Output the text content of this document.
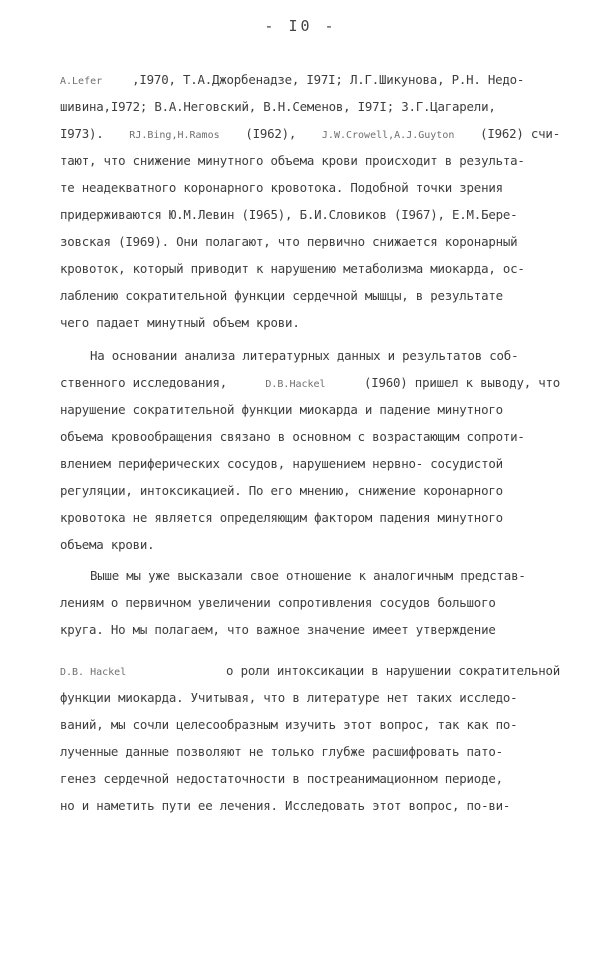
- I0 -
A.Lefer ,I970, Т.А.Джорбенадзе, I97I; Л.Г.Шикунова, Р.Н. Недо-
шивина,I972; В.А.Неговский, В.Н.Семенов, I97I; З.Г.Цагарели,
I973).	RJ.Bing,H.Ramos (I962),	J.W.Crowell,A.J.Guyton (I962) счи-
тают, что снижение минутного объема крови происходит в результа-
те неадекватного коронарного кровотока. Подобной точки зрения
придерживаются Ю.М.Левин (I965), Б.И.Словиков (I967), Е.М.Бере-
зовская (I969). Они полагают, что первично снижается коронарный
кровоток, который приводит к нарушению метаболизма миокарда, ос-
лаблению сократительной функции сердечной мышцы, в результате
чего падает минутный объем крови.
На основании анализа литературных данных и результатов соб-
ственного исследования,	D.B.Hackel	(I960) пришел к выводу, что
нарушение сократительной функции миокарда и падение минутного
объема кровообращения связано в основном с возрастающим сопроти-
влением периферических сосудов, нарушением нервно- сосудистой
регуляции, интоксикацией. По его мнению, снижение коронарного
кровотока не является определяющим фактором падения минутного
объема крови.
Выше мы уже высказали свое отношение к аналогичным представ-
лениям о первичном увеличении сопротивления сосудов большого
круга. Но мы полагаем, что важное значение имеет утверждение
D.B. Hackel	о роли интоксикации в нарушении сократительной
функции миокарда. Учитывая, что в литературе нет таких исследо-
ваний, мы сочли целесообразным изучить этот вопрос, так как по-
лученные данные позволяют не только глубже расшифровать пато-
генез сердечной недостаточности в постреанимационном периоде,
но и наметить пути ее лечения. Исследовать этот вопрос, по-ви-
